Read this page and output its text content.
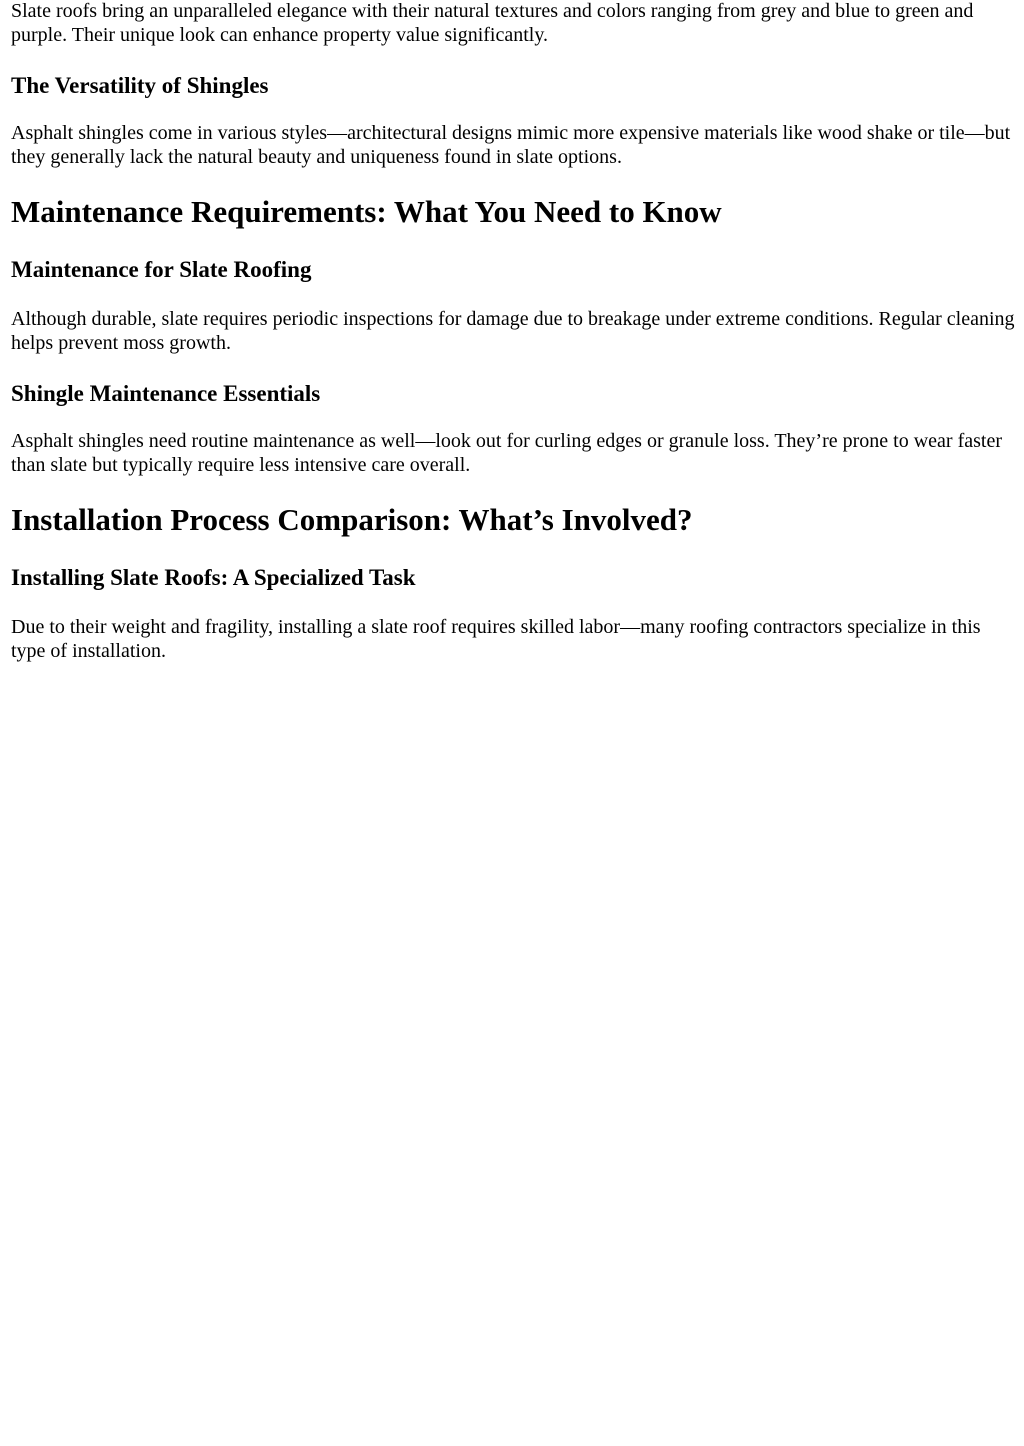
Slate roofs bring an unparalleled elegance with their natural textures and colors ranging from grey and blue to green and purple. Their unique look can enhance property value significantly.

The Versatility of Shingles

Asphalt shingles come in various styles—architectural designs mimic more expensive materials like wood shake or tile—but they generally lack the natural beauty and uniqueness found in slate options.

Maintenance Requirements: What You Need to Know
Maintenance for Slate Roofing

Although durable, slate requires periodic inspections for damage due to breakage under extreme conditions. Regular cleaning helps prevent moss growth.

Shingle Maintenance Essentials

Asphalt shingles need routine maintenance as well—look out for curling edges or granule loss. They’re prone to wear faster than slate but typically require less intensive care overall.

Installation Process Comparison: What’s Involved?
Installing Slate Roofs: A Specialized Task

Due to their weight and fragility, installing a slate roof requires skilled labor—many roofing contractors specialize in this type of installation.
